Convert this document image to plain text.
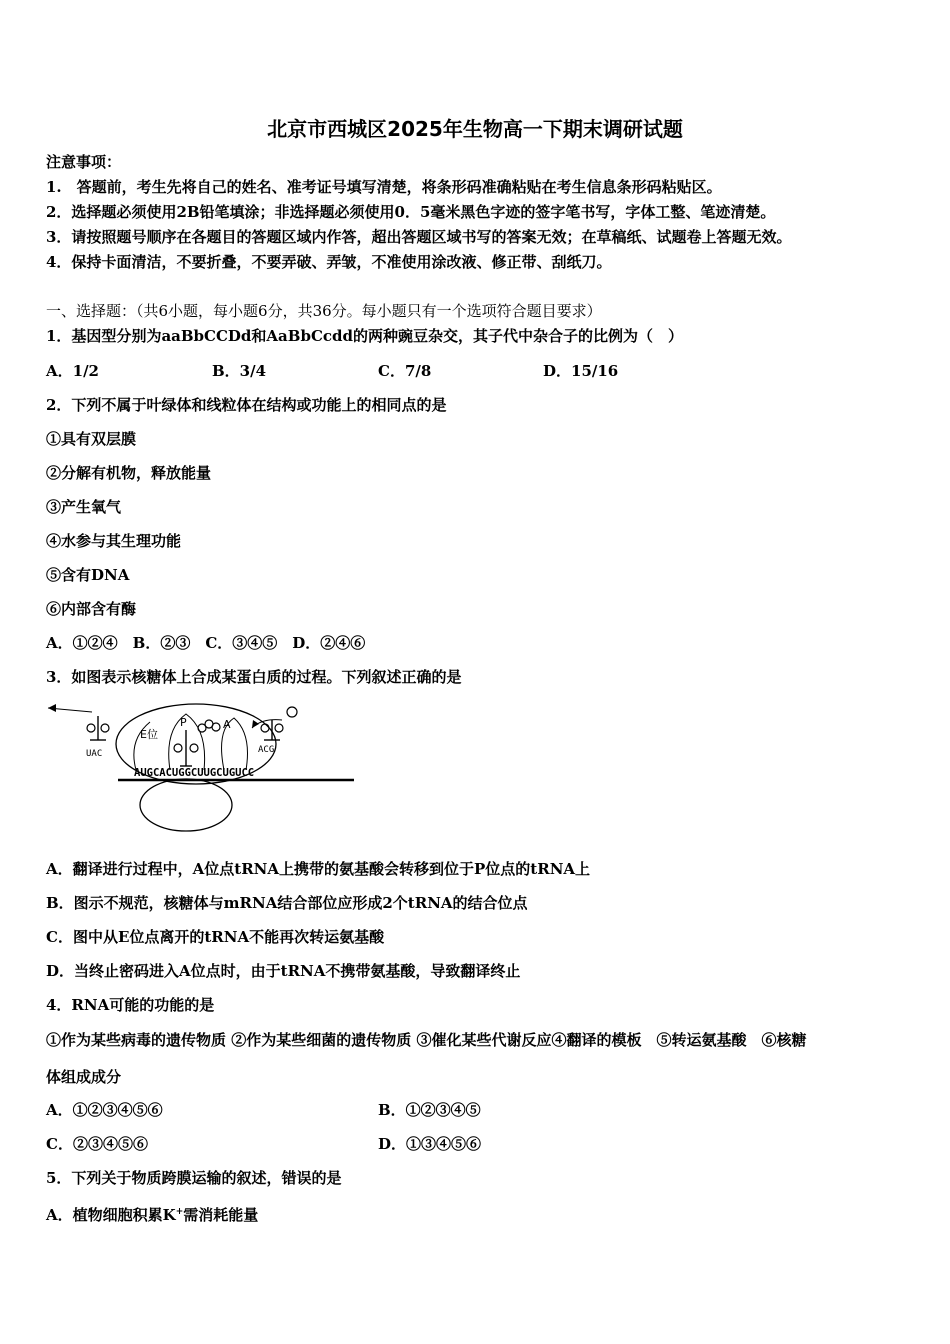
北京市西城区2025年生物高一下期末调研试题
注意事项：
1.　答题前，考生先将自己的姓名、准考证号填写清楚，将条形码准确粘贴在考生信息条形码粘贴区。
2．选择题必须使用2B铅笔填涂；非选择题必须使用0．5毫米黑色字迹的签字笔书写，字体工整、笔迹清楚。
3．请按照题号顺序在各题目的答题区域内作答，超出答题区域书写的答案无效；在草稿纸、试题卷上答题无效。
4．保持卡面清洁，不要折叠，不要弄破、弄皱，不准使用涂改液、修正带、刮纸刀。
一、选择题：（共6小题，每小题6分，共36分。每小题只有一个选项符合题目要求）
1．基因型分别为aaBbCCDd和AaBbCcdd的两种豌豆杂交，其子代中杂合子的比例为（　）
A．1/2	B．3/4	C．7/8	D．15/16
2．下列不属于叶绿体和线粒体在结构或功能上的相同点的是
①具有双层膜
②分解有机物，释放能量
③产生氧气
④水参与其生理功能
⑤含有DNA
⑥内部含有酶
A．①②④　B．②③　C．③④⑤　D．②④⑥
3．如图表示核糖体上合成某蛋白质的过程。下列叙述正确的是
AUGCACUGGCUUGCUGUCC
E位
P	A
UAC	ACG
A．翻译进行过程中，A位点tRNA上携带的氨基酸会转移到位于P位点的tRNA上
B．图示不规范，核糖体与mRNA结合部位应形成2个tRNA的结合位点
C．图中从E位点离开的tRNA不能再次转运氨基酸
D．当终止密码进入A位点时，由于tRNA不携带氨基酸，导致翻译终止
4．RNA可能的功能的是
①作为某些病毒的遗传物质 ②作为某些细菌的遗传物质 ③催化某些代谢反应④翻译的模板　⑤转运氨基酸　⑥核糖
体组成成分
A．①②③④⑤⑥	B．①②③④⑤
C．②③④⑤⑥	D．①③④⑤⑥
5．下列关于物质跨膜运输的叙述，错误的是
A．植物细胞积累K+需消耗能量
